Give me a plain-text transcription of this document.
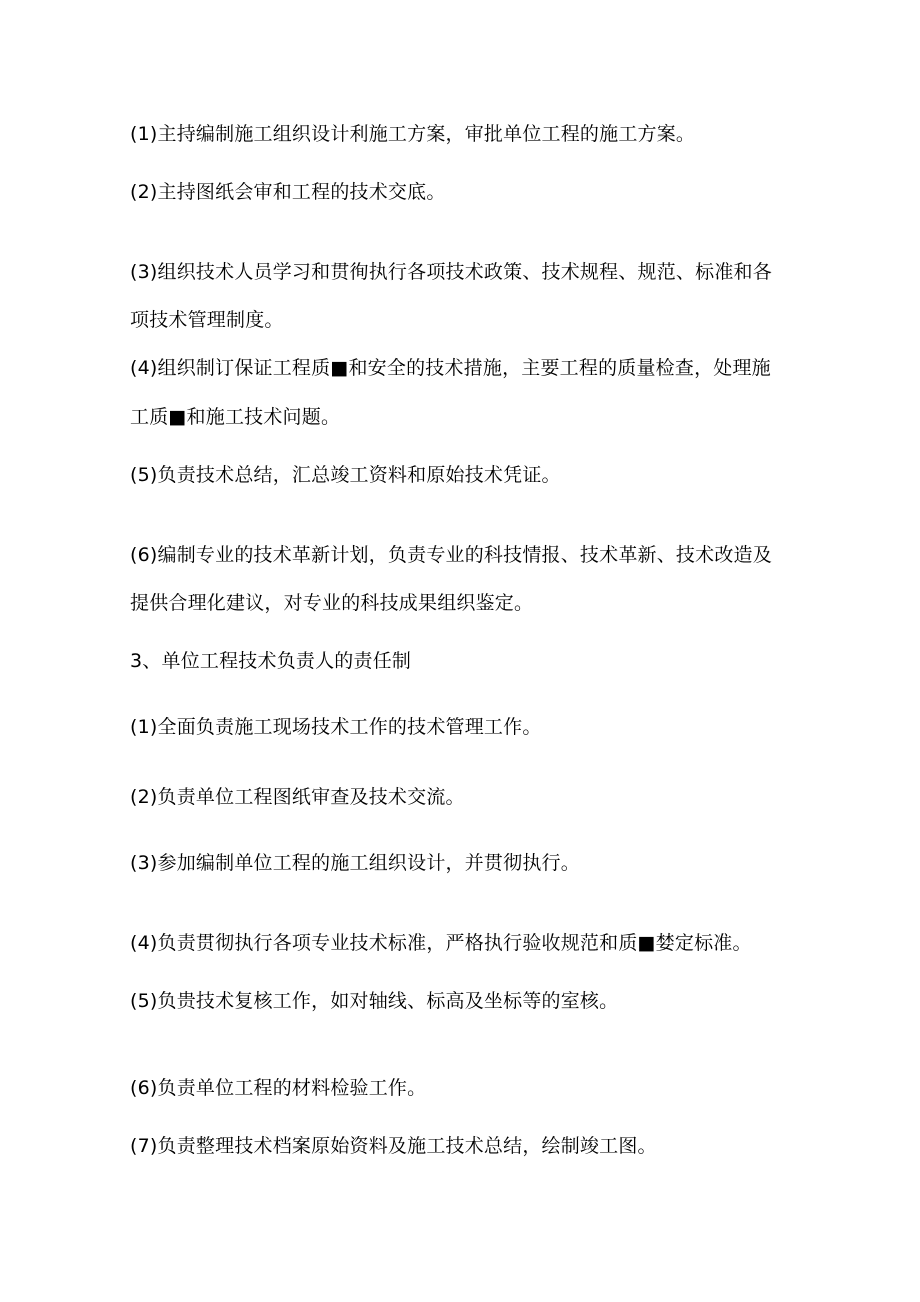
(1)主持编制施工组织设计利施工方案，审批单位工程的施工方案。
(2)主持图纸会审和工程的技术交底。
(3)组织技术人员学习和贯徇执行各项技术政策、技术规程、规范、标准和各
项技术管理制度。
(4)组织制订保证工程质■和安全的技术措施，主要工程的质量检查，处理施
工质■和施工技术问题。
(5)负责技术总结，汇总竣工资料和原始技术凭证。
(6)编制专业的技术革新计划，负责专业的科技情报、技术革新、技术改造及
提供合理化建议，对专业的科技成果组织鉴定。
3、单位工程技术负责人的责任制
(1)全面负责施工现场技术工作的技术管理工作。
(2)负责单位工程图纸审查及技术交流。
(3)参加编制单位工程的施工组织设计，并贯彻执行。
(4)负责贯彻执行各项专业技术标准，严格执行验收规范和质■婪定标准。
(5)负贵技术复核工作，如对轴线、标高及坐标等的室核。
(6)负责单位工程的材料检验工作。
(7)负责整理技术档案原始资料及施工技术总结，绘制竣工图。
